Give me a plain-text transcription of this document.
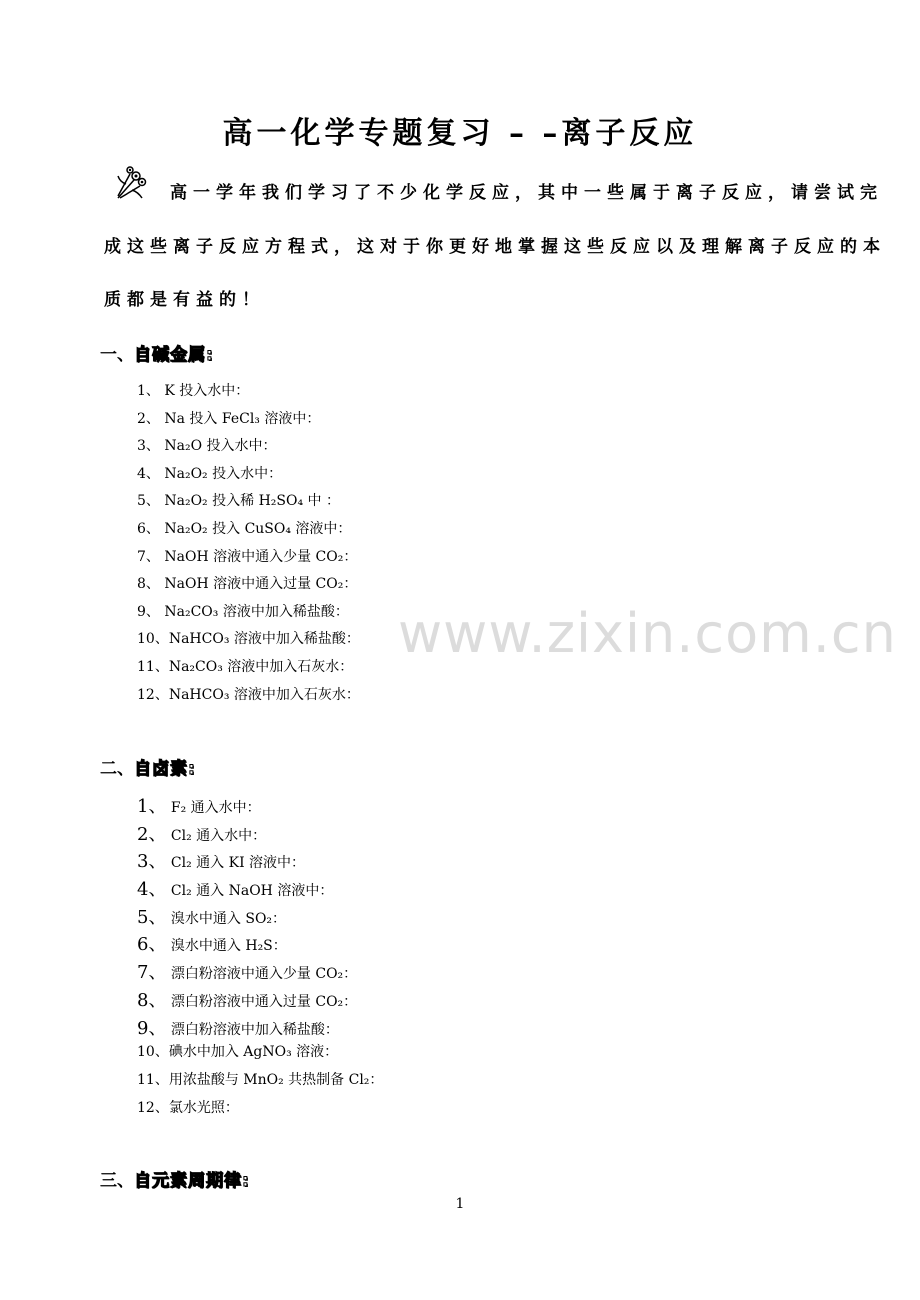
高一化学专题复习 – –离子反应
高一学年我们学习了不少化学反应，其中一些属于离子反应，请尝试完
成这些离子反应方程式，这对于你更好地掌握这些反应以及理解离子反应的本
质都是有益的！
一、自碱金属:
1、 K 投入水中：
2、 Na 投入 FeCl₃ 溶液中：
3、 Na₂O 投入水中：
4、 Na₂O₂ 投入水中：
5、 Na₂O₂ 投入稀 H₂SO₄ 中 ：
6、 Na₂O₂ 投入 CuSO₄ 溶液中：
7、 NaOH 溶液中通入少量 CO₂：
8、 NaOH 溶液中通入过量 CO₂：
9、 Na₂CO₃ 溶液中加入稀盐酸：
10、NaHCO₃ 溶液中加入稀盐酸：
11、Na₂CO₃ 溶液中加入石灰水：
12、NaHCO₃ 溶液中加入石灰水：
二、自卤素:
1、 F₂ 通入水中：
2、 Cl₂ 通入水中：
3、 Cl₂ 通入 KI 溶液中：
4、 Cl₂ 通入 NaOH 溶液中：
5、 溴水中通入 SO₂：
6、 溴水中通入 H₂S：
7、 漂白粉溶液中通入少量 CO₂：
8、 漂白粉溶液中通入过量 CO₂：
9、 漂白粉溶液中加入稀盐酸：
10、碘水中加入 AgNO₃ 溶液：
11、用浓盐酸与 MnO₂ 共热制备 Cl₂：
12、氯水光照：
三、自元素周期律:
www.zixin.com.cn
1
